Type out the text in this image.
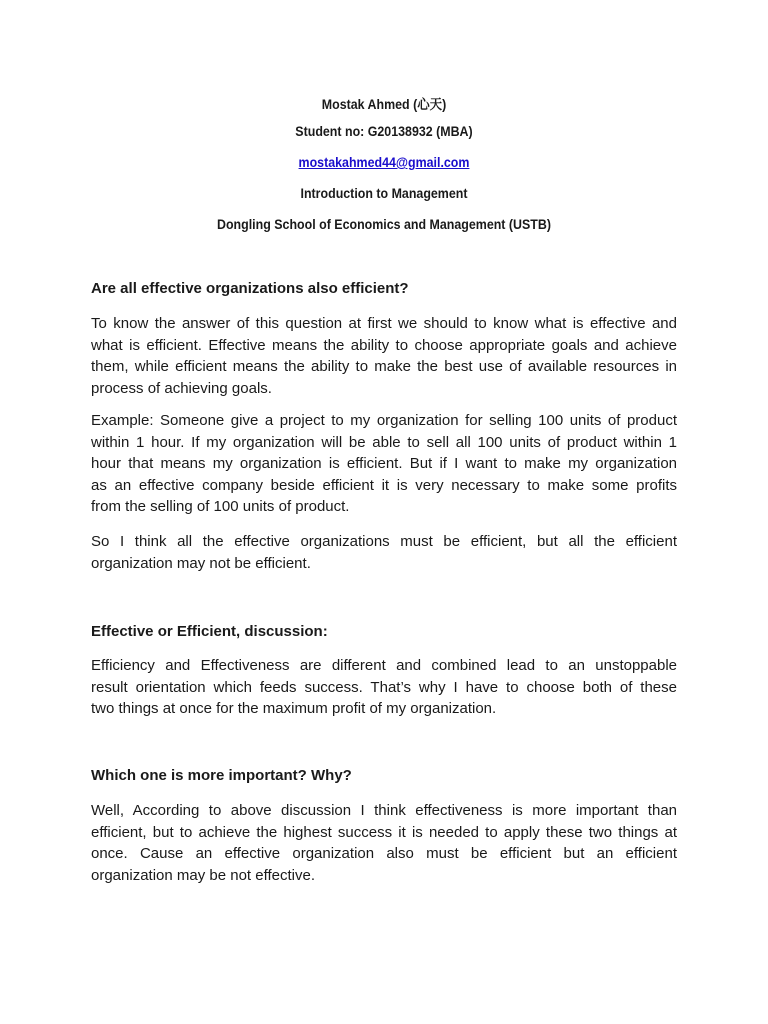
Mostak Ahmed (心天)
Student no: G20138932 (MBA)
mostakahmed44@gmail.com
Introduction to Management
Dongling School of Economics and Management (USTB)
Are all effective organizations also efficient?
To know the answer of this question at first we should to know what is effective and
what is efficient. Effective means the ability to choose appropriate goals and achieve
them, while efficient means the ability to make the best use of available resources in
process of achieving goals.
Example: Someone give a project to my organization for selling 100 units of product
within 1 hour. If my organization will be able to sell all 100 units of product within 1
hour that means my organization is efficient. But if I want to make my organization
as an effective company beside efficient it is very necessary to make some profits
from the selling of 100 units of product.
So I think all the effective organizations must be efficient, but all the efficient
organization may not be efficient.
Effective or Efficient, discussion:
Efficiency and Effectiveness are different and combined lead to an unstoppable
result orientation which feeds success. That’s why I have to choose both of these
two things at once for the maximum profit of my organization.
Which one is more important? Why?
Well, According to above discussion I think effectiveness is more important than
efficient, but to achieve the highest success it is needed to apply these two things at
once. Cause an effective organization also must be efficient but an efficient
organization may be not effective.
